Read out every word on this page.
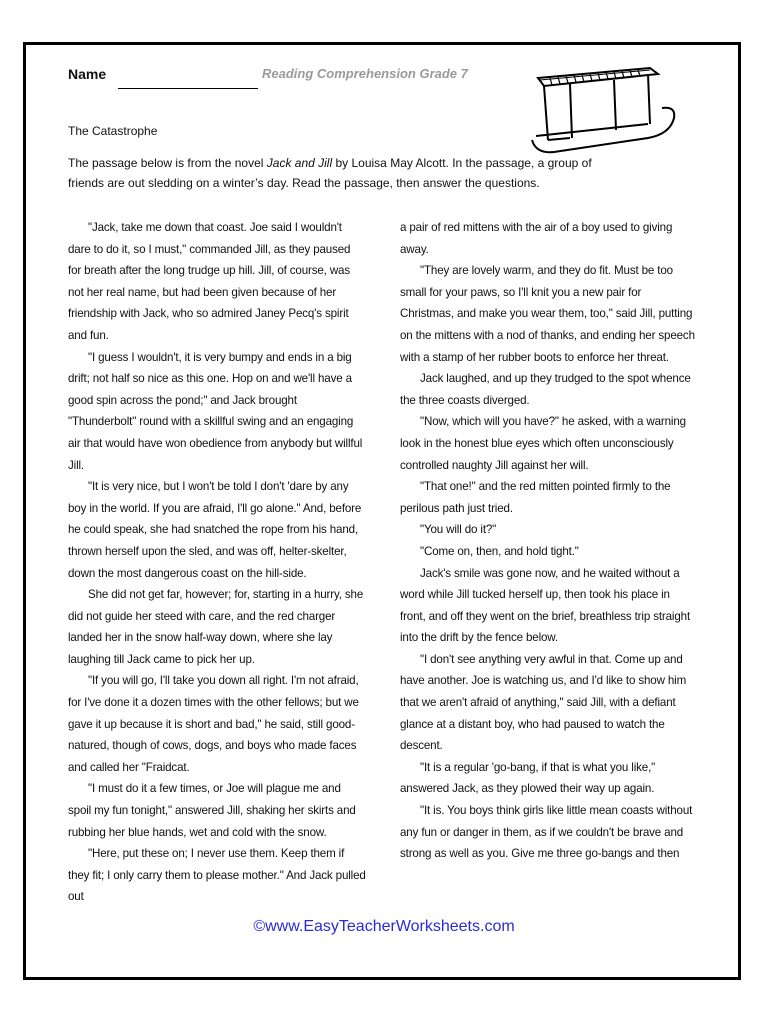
Name	Reading Comprehension Grade 7
The Catastrophe

The passage below is from the novel Jack and Jill by Louisa May Alcott. In the passage, a group offriends are out sledding on a winter’s day. Read the passage, then answer the questions.

"Jack, take me down that coast. Joe said I wouldn't dare to do it, so I must," commanded Jill, as they paused for breath after the long trudge up hill. Jill, of course, was not her real name, but had been given because of her friendship with Jack, who so admired Janey Pecq's spirit and fun.

"I guess I wouldn't, it is very bumpy and ends in a big drift; not half so nice as this one. Hop on and we'll have a good spin across the pond;" and Jack brought "Thunderbolt" round with a skillful swing and an engaging air that would have won obedience from anybody but willful Jill.

"It is very nice, but I won't be told I don't 'dare by any boy in the world. If you are afraid, I'll go alone." And, before he could speak, she had snatched the rope from his hand, thrown herself upon the sled, and was off, helter-skelter, down the most dangerous coast on the hill-side.

She did not get far, however; for, starting in a hurry, she did not guide her steed with care, and the red charger landed her in the snow half-way down, where she lay laughing till Jack came to pick her up.

"If you will go, I'll take you down all right. I'm not afraid, for I've done it a dozen times with the other fellows; but we gave it up because it is short and bad," he said, still good-natured, though of cows, dogs, and boys who made faces and called her "Fraidcat.

"I must do it a few times, or Joe will plague me and spoil my fun tonight," answered Jill, shaking her skirts and rubbing her blue hands, wet and cold with the snow.

"Here, put these on; I never use them. Keep them if they fit; I only carry them to please mother." And Jack pulled out

a pair of red mittens with the air of a boy used to giving away.

"They are lovely warm, and they do fit. Must be too small for your paws, so I'll knit you a new pair for Christmas, and make you wear them, too," said Jill, putting on the mittens with a nod of thanks, and ending her speech with a stamp of her rubber boots to enforce her threat.

Jack laughed, and up they trudged to the spot whence the three coasts diverged.

"Now, which will you have?" he asked, with a warning look in the honest blue eyes which often unconsciously controlled naughty Jill against her will.

"That one!" and the red mitten pointed firmly to the perilous path just tried.

"You will do it?"

"Come on, then, and hold tight."

Jack's smile was gone now, and he waited without a word while Jill tucked herself up, then took his place in front, and off they went on the brief, breathless trip straight into the drift by the fence below.

"I don't see anything very awful in that. Come up and have another. Joe is watching us, and I'd like to show him that we aren't afraid of anything," said Jill, with a defiant glance at a distant boy, who had paused to watch the descent.

"It is a regular 'go-bang, if that is what you like," answered Jack, as they plowed their way up again.

"It is. You boys think girls like little mean coasts without any fun or danger in them, as if we couldn't be brave and strong as well as you. Give me three go-bangs and then

©www.EasyTeacherWorksheets.com
